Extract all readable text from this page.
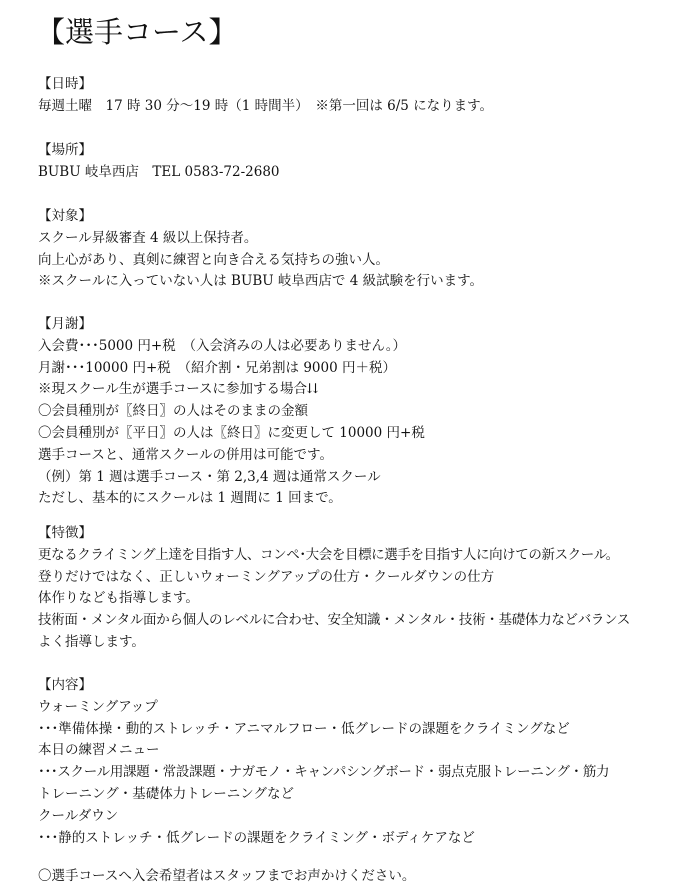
【選手コース】
【日時】
毎週土曜　17 時 30 分～19 時（1 時間半）　※第一回は 6/5 になります。
【場所】
BUBU 岐阜西店　TEL 0583-72-2680
【対象】
スクール昇級審査 4 級以上保持者。
向上心があり、真剣に練習と向き合える気持ちの強い人。
※スクールに入っていない人は BUBU 岐阜西店で 4 級試験を行います。
【月謝】
入会費･･･5000 円+税　（入会済みの人は必要ありません。）
月謝･･･10000 円+税　（紹介割・兄弟割は 9000 円＋税）
※現スクール生が選手コースに参加する場合⇊
〇会員種別が〖終日〗の人はそのままの金額
〇会員種別が〖平日〗の人は〖終日〗に変更して 10000 円+税
選手コースと、通常スクールの併用は可能です。
（例）第 1 週は選手コース・第 2,3,4 週は通常スクール
ただし、基本的にスクールは 1 週間に 1 回まで。
【特徴】
更なるクライミング上達を目指す人、コンペ･大会を目標に選手を目指す人に向けての新スクール。
登りだけではなく、正しいウォーミングアップの仕方・クールダウンの仕方
体作りなども指導します。
技術面・メンタル面から個人のレベルに合わせ、安全知識・メンタル・技術・基礎体力などバランス
よく指導します。
【内容】
ウォーミングアップ
･･･準備体操・動的ストレッチ・アニマルフロー・低グレードの課題をクライミングなど
本日の練習メニュー
･･･スクール用課題・常設課題・ナガモノ・キャンパシングボード・弱点克服トレーニング・筋力
トレーニング・基礎体力トレーニングなど
クールダウン
･･･静的ストレッチ・低グレードの課題をクライミング・ボディケアなど
〇選手コースへ入会希望者はスタッフまでお声かけください。
